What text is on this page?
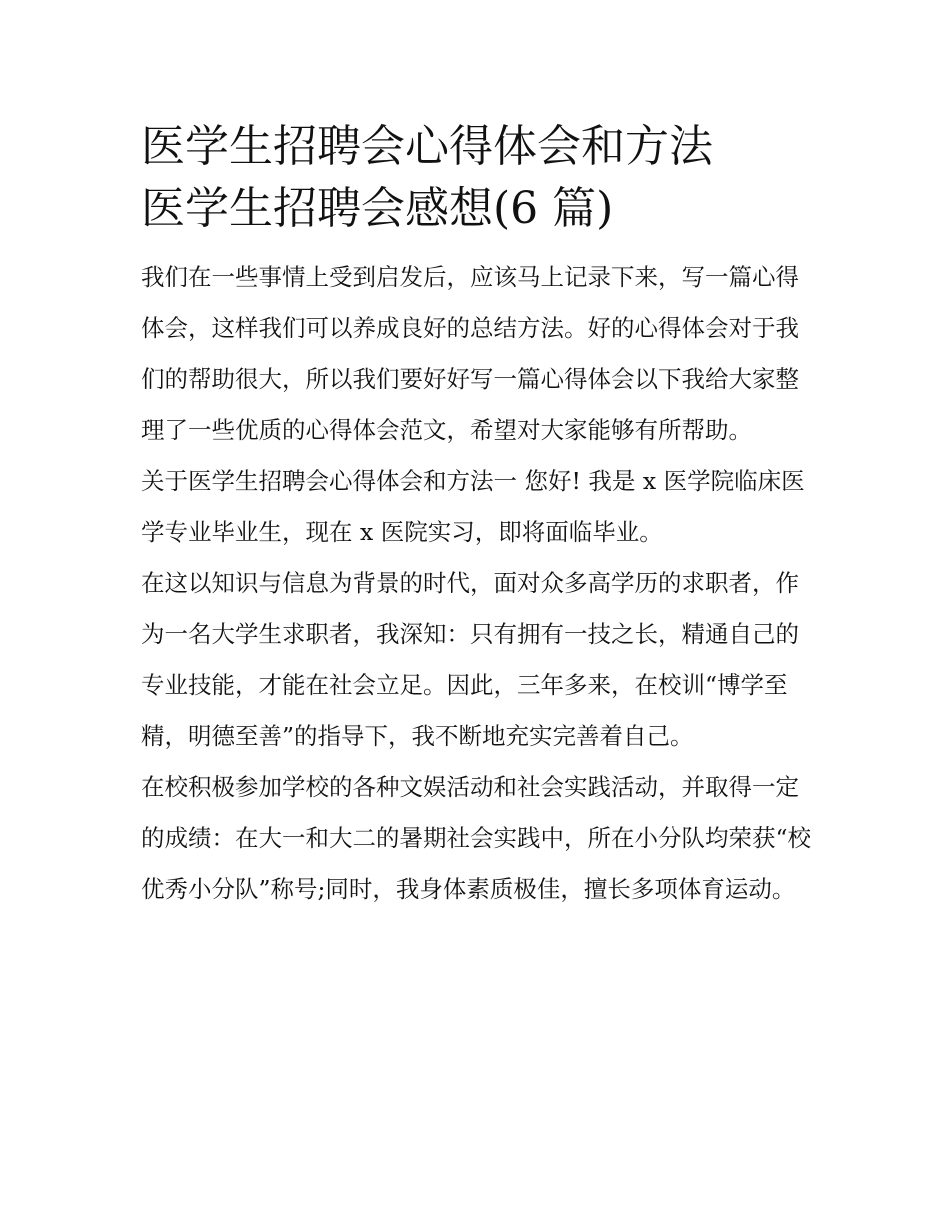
医学生招聘会心得体会和方法
医学生招聘会感想(6 篇)

我们在一些事情上受到启发后，应该马上记录下来，写一篇心得体会，这样我们可以养成良好的总结方法。好的心得体会对于我们的帮助很大，所以我们要好好写一篇心得体会以下我给大家整理了一些优质的心得体会范文，希望对大家能够有所帮助。

关于医学生招聘会心得体会和方法一 您好! 我是 x 医学院临床医学专业毕业生，现在 x 医院实习，即将面临毕业。

在这以知识与信息为背景的时代，面对众多高学历的求职者，作为一名大学生求职者，我深知：只有拥有一技之长，精通自己的专业技能，才能在社会立足。因此，三年多来，在校训“博学至精，明德至善”的指导下，我不断地充实完善着自己。

在校积极参加学校的各种文娱活动和社会实践活动，并取得一定的成绩：在大一和大二的暑期社会实践中，所在小分队均荣获“校优秀小分队”称号;同时，我身体素质极佳，擅长多项体育运动。
